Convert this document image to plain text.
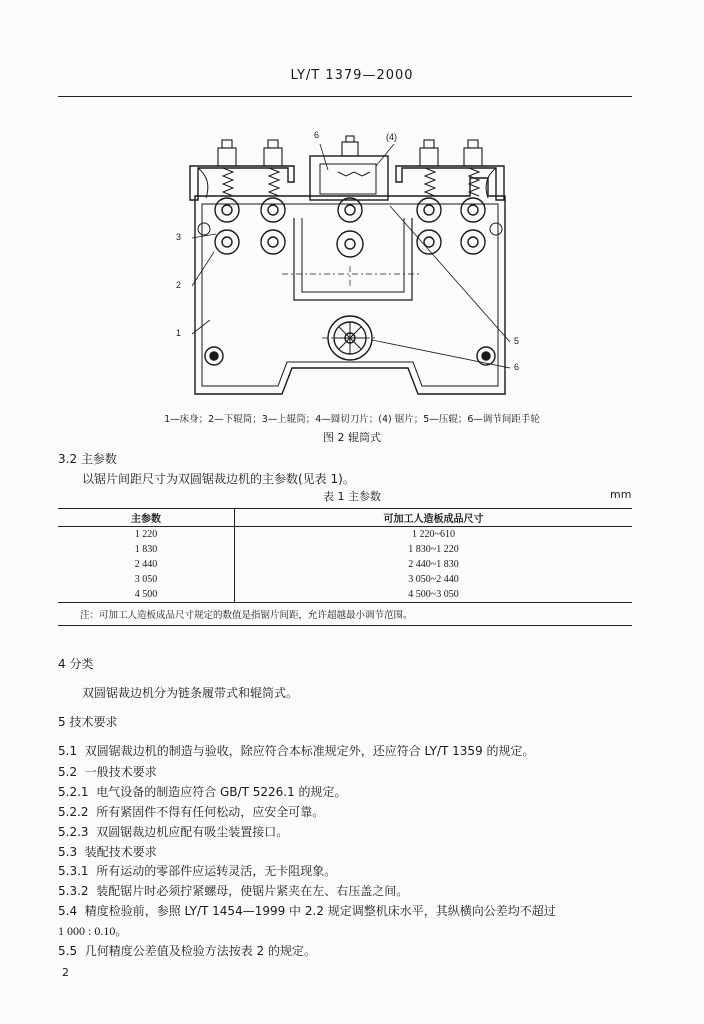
LY/T 1379—2000
3
2
1
6	(4)
5
6
1—床身；2—下辊筒；3—上辊筒；4—圆切刀片；(4) 锯片；5—压辊；6—调节间距手轮
图 2 辊筒式
3.2 主参数
以锯片间距尺寸为双圆锯裁边机的主参数(见表 1)。
表 1 主参数	mm
主参数	可加工人造板成品尺寸
1 220	1 220~610
1 830	1 830~1 220
2 440	2 440~1 830
3 050	3 050~2 440
4 500	4 500~3 050
注：可加工人造板成品尺寸规定的数值是指锯片间距，允许超越最小调节范围。	
4 分类
双圆锯裁边机分为链条履带式和辊筒式。
5 技术要求
5.1 双圆锯裁边机的制造与验收，除应符合本标准规定外，还应符合 LY/T 1359 的规定。
5.2 一般技术要求
5.2.1 电气设备的制造应符合 GB/T 5226.1 的规定。
5.2.2 所有紧固件不得有任何松动，应安全可靠。
5.2.3 双圆锯裁边机应配有吸尘装置接口。
5.3 装配技术要求
5.3.1 所有运动的零部件应运转灵活，无卡阻现象。
5.3.2 装配锯片时必须拧紧螺母，使锯片紧夹在左、右压盖之间。
5.4 精度检验前，参照 LY/T 1454—1999 中 2.2 规定调整机床水平，其纵横向公差均不超过
1 000 : 0.10。
5.5 几何精度公差值及检验方法按表 2 的规定。
2
